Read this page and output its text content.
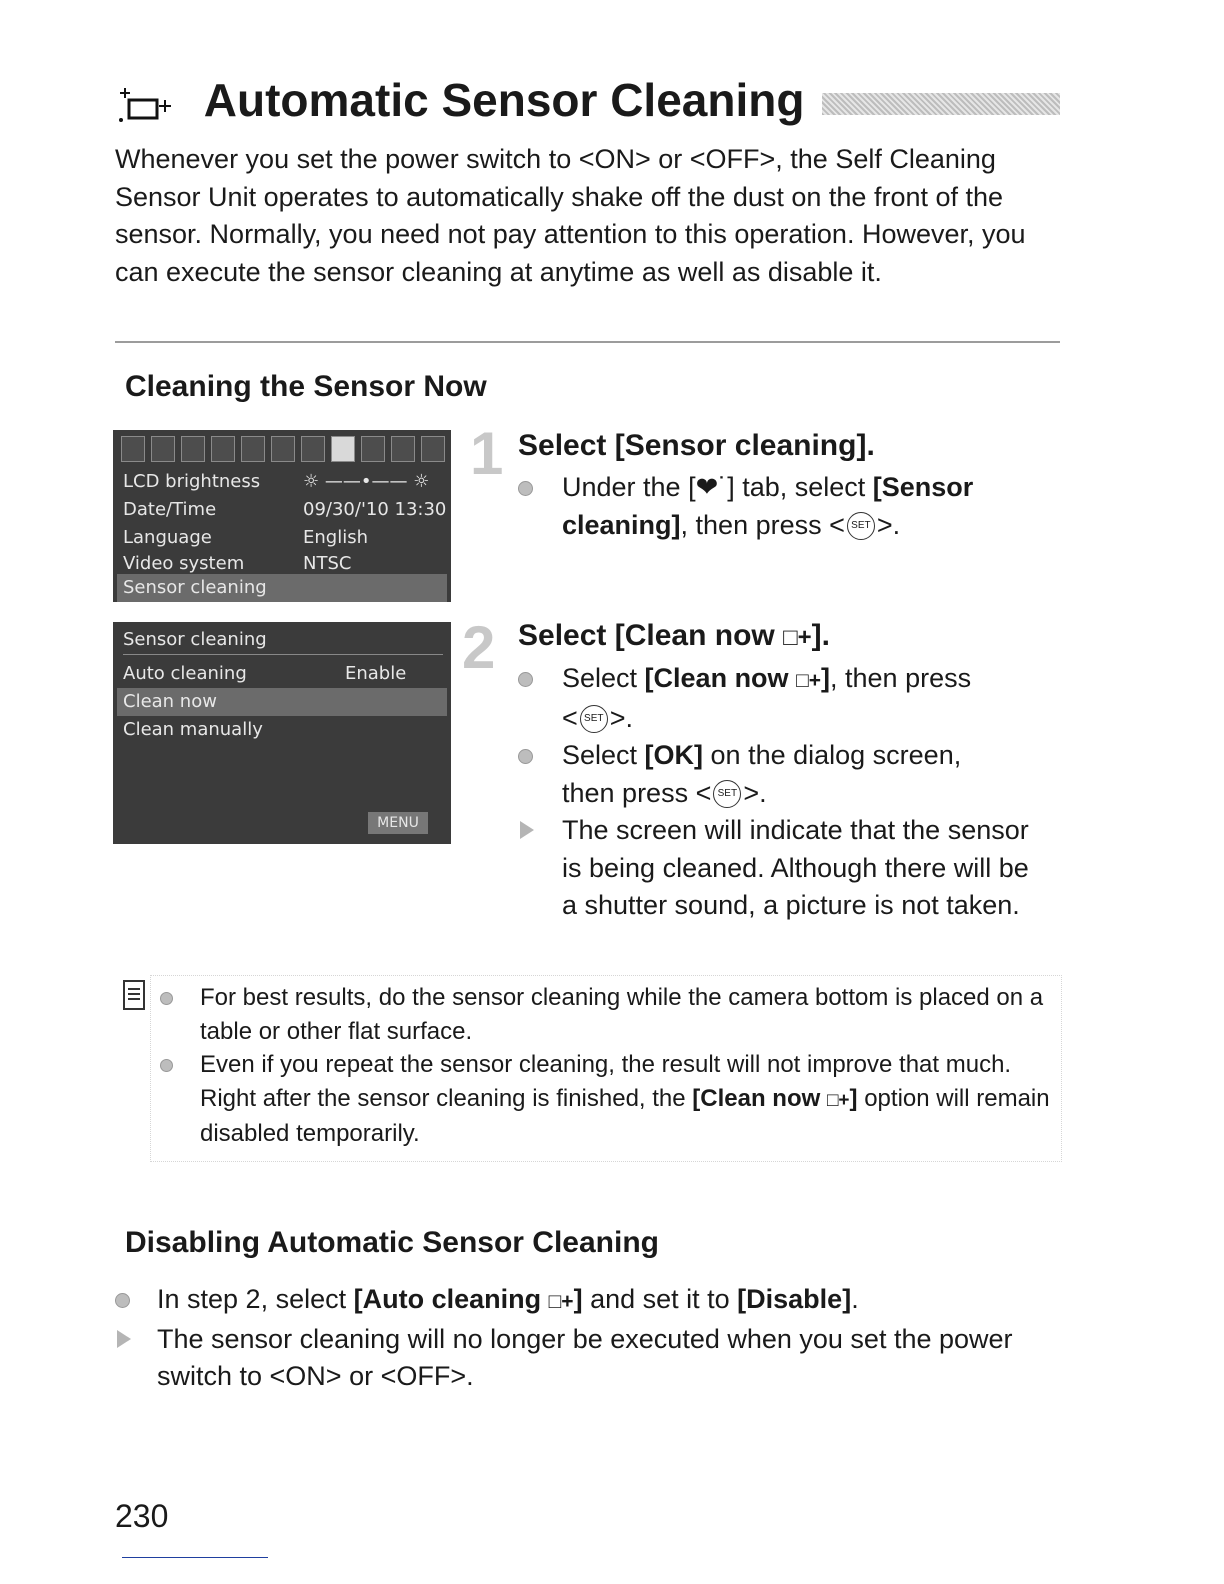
Automatic Sensor Cleaning
Whenever you set the power switch to <ON> or <OFF>, the Self Cleaning Sensor Unit operates to automatically shake off the dust on the front of the sensor. Normally, you need not pay attention to this operation. However, you can execute the sensor cleaning at anytime as well as disable it.
Cleaning the Sensor Now
LCD brightness ☼ ——•—— ☼
Date/Time	09/30/'10 13:30
Language	English
Video system	NTSC
Sensor cleaning
Sensor cleaning
Auto cleaning	Enable
Clean now
Clean manually
MENU
1 Select [Sensor cleaning].
Under the [❤˙] tab, select [Sensor cleaning], then press < SET >.
2 Select [Clean now □+].
Select [Clean now □+], then press
< SET >.
Select [OK] on the dialog screen,
then press < SET >.
The screen will indicate that the sensor is being cleaned. Although there will be a shutter sound, a picture is not taken.
For best results, do the sensor cleaning while the camera bottom is placed on a table or other flat surface.
Even if you repeat the sensor cleaning, the result will not improve that much. Right after the sensor cleaning is finished, the [Clean now □+] option will remain disabled temporarily.
Disabling Automatic Sensor Cleaning
In step 2, select [Auto cleaning □+] and set it to [Disable].
The sensor cleaning will no longer be executed when you set the power switch to <ON> or <OFF>.
230
